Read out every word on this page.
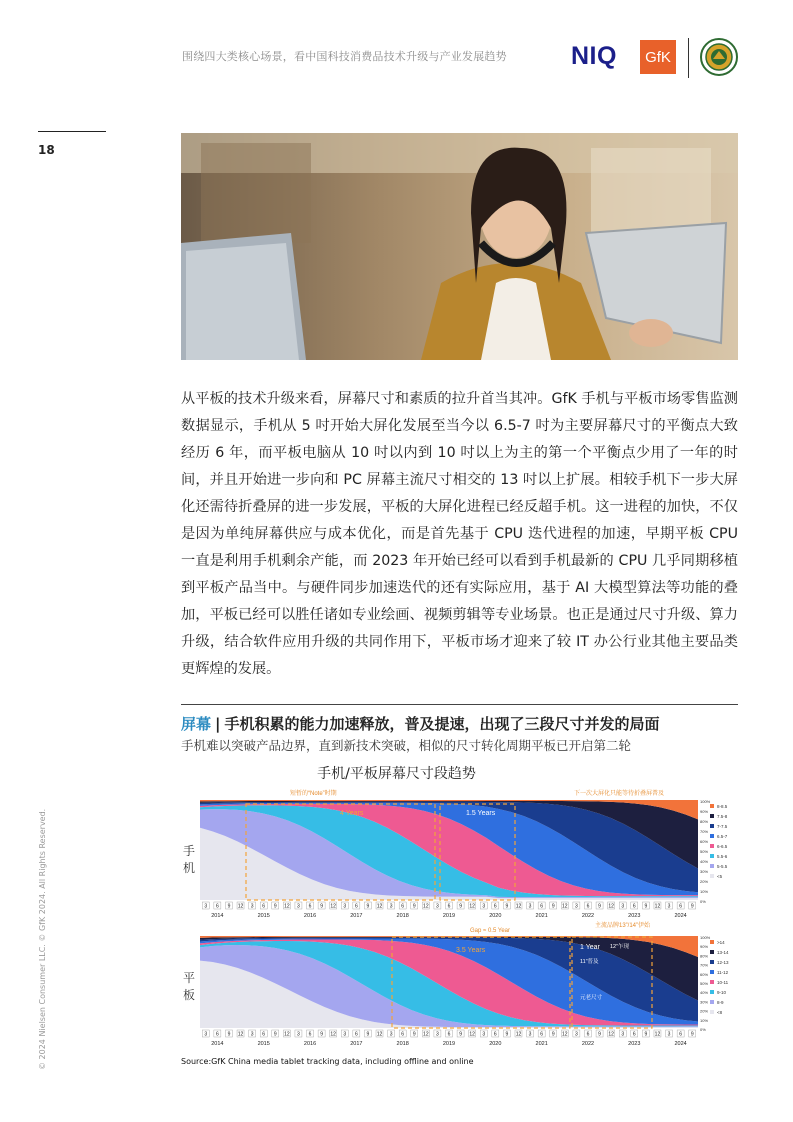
围绕四大类核心场景，看中国科技消费品技术升级与产业发展趋势	NIQ	GfK
18
从平板的技术升级来看，屏幕尺寸和素质的拉升首当其冲。GfK 手机与平板市场零售监测数据显示，手机从 5 吋开始大屏化发展至当今以 6.5-7 吋为主要屏幕尺寸的平衡点大致经历 6 年，而平板电脑从 10 吋以内到 10 吋以上为主的第一个平衡点少用了一年的时间，并且开始进一步向和 PC 屏幕主流尺寸相交的 13 吋以上扩展。相较手机下一步大屏化还需待折叠屏的进一步发展，平板的大屏化进程已经反超手机。这一进程的加快，不仅是因为单纯屏幕供应与成本优化，而是首先基于 CPU 迭代进程的加速，早期平板 CPU 一直是利用手机剩余产能，而 2023 年开始已经可以看到手机最新的 CPU 几乎同期移植到平板产品当中。与硬件同步加速迭代的还有实际应用，基于 AI 大模型算法等功能的叠加，平板已经可以胜任诸如专业绘画、视频剪辑等专业场景。也正是通过尺寸升级、算力升级，结合软件应用升级的共同作用下，平板市场才迎来了较 IT 办公行业其他主要品类更辉煌的发展。
屏幕 | 手机积累的能力加速释放，普及提速，出现了三段尺寸并发的局面
手机难以突破产品边界，直到新技术突破，相似的尺寸转化周期平板已开启第二轮
手机/平板屏幕尺寸段趋势
手机
平板
100%
90%
80%
70%
60%
50%
40%
30%
20%
10%
0%
8-8.5
7.5-8
7-7.5
6.5-7
6-6.5
5.5-6
5-5.5
<5
3 6 9 12 3 6 9 12 3 6 9 12 3 6 9 12 3 6 9 12 3 6 9 12 3 6 9 12 3 6 9 12 3 6 9 12 3 6 9 12 3 6 9
2014	2015	2016	2017	2018	2019	2020	2021	2022	2023	2024
100%
90%
80%
70%
60%
50%
40%
30%
20%
10%
0%
>14
13-14
12-13
11-12
10-11
9-10
8-9
<8
3 6 9 12 3 6 9 12 3 6 9 12 3 6 9 12 3 6 9 12 3 6 9 12 3 6 9 12 3 6 9 12 3 6 9 12 3 6 9 12 3 6 9
2014	2015	2016	2017	2018	2019	2020	2021	2022	2023	2024
短暂的“Note”时期
4 Years	1.5 Years
下一次大屏化只能等待折叠屏普及
Gap ≈ 0.5 Year
3.5 Years	1 Year 12”乍现
11”普及
主流品牌13”/14”伊始
元老尺寸
Source:GfK China media tablet tracking data, including offline and online
© 2024 Nielsen Consumer LLC. © GfK 2024. All Rights Reserved.
